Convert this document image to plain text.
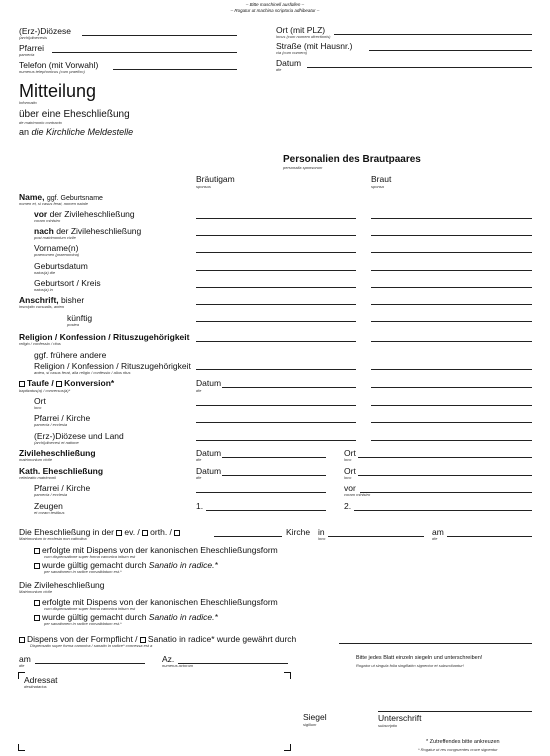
– Bitte maschinell ausfüllen –
– Rogatur ut machina scriptoria adhibeatur –
(Erz-)Diözese
(archi)dioecesis
Pfarrei
paroecia
Telefon (mit Vorwahl)
numerus telephonicus (cum praefixo)
Ort (mit PLZ)
locus (cum numero directionis)
Straße (mit Hausnr.)
via (cum numero)
Datum
die
Mitteilung
Informatio
über eine Eheschließung
de matrimonio contracto
an die Kirchliche Meldestelle
Personalien des Brautpaares
personalia sponsorum
Bräutigam
sponsus
Braut
sponsa
Name, ggf. Geburtsname
nomen et, si casus ferat, nomen natale
vor der Zivileheschließung
coram ministro
nach der Zivileheschließung
post matrimonium civile
Vorname(n)
praenomen (praenomina)
Geburtsdatum
natus(a) die
Geburtsort / Kreis
natus(a) in
Anschrift, bisher
inscriptio cursualis, antea
künftig
postea
Religion / Konfession / Rituszugehörigkeit
religio / confessio / ritus
ggf. frühere andere
Religion / Konfession / Rituszugehörigkeit
antea, si casus ferat, alia religio / confessio / alius ritus
Taufe / Konversion*
baptizatus(a) / conversus(a)*
Datum
die
Ort
loco
Pfarrei / Kirche
paroecia / ecclesia
(Erz-)Diözese und Land
(archi)dioecesi et natione
Zivileheschließung
matrimonium civile
Datum
die
Ort
loco
Kath. Eheschließung
celebratio matrimonii
Datum
die
Ort
loco
Pfarrei / Kirche
paroecia / ecclesia
vor
coram ministro
Zeugen
et coram testibus
1.	2.
Die Eheschließung in der ev. / orth. /	Kirche in
loco
am
die
Matrimonium in ecclesia non catholica
erfolgte mit Dispens von der kanonischen Eheschließungsform
cum dispensatione super forma canonica initum est
wurde gültig gemacht durch Sanatio in radice.*
per sanationem in radice convalidatum est.*
Die Zivileheschließung
Matrimonium civile
erfolgte mit Dispens von der kanonischen Eheschließungsform
cum dispensatione super forma canonica initum est
wurde gültig gemacht durch Sanatio in radice.*
per sanationem in radice convalidatum est.*
Dispens von der Formpflicht / Sanatio in radice* wurde gewährt durch
Dispensatio super forma canonica / sanatio in radice* concessa est a
am
die
Az.
numerus actorum
Bitte jedes Blatt einzeln siegeln und unterschreiben!
Rogatur ut singula folia singillatim signentur et subscribantur!
Adressat
destinatarius
Siegel
sigillum
Unterschrift
subscriptio
* Zutreffendes bitte ankreuzen
* Rogatur ut res congruentes cruce signentur
